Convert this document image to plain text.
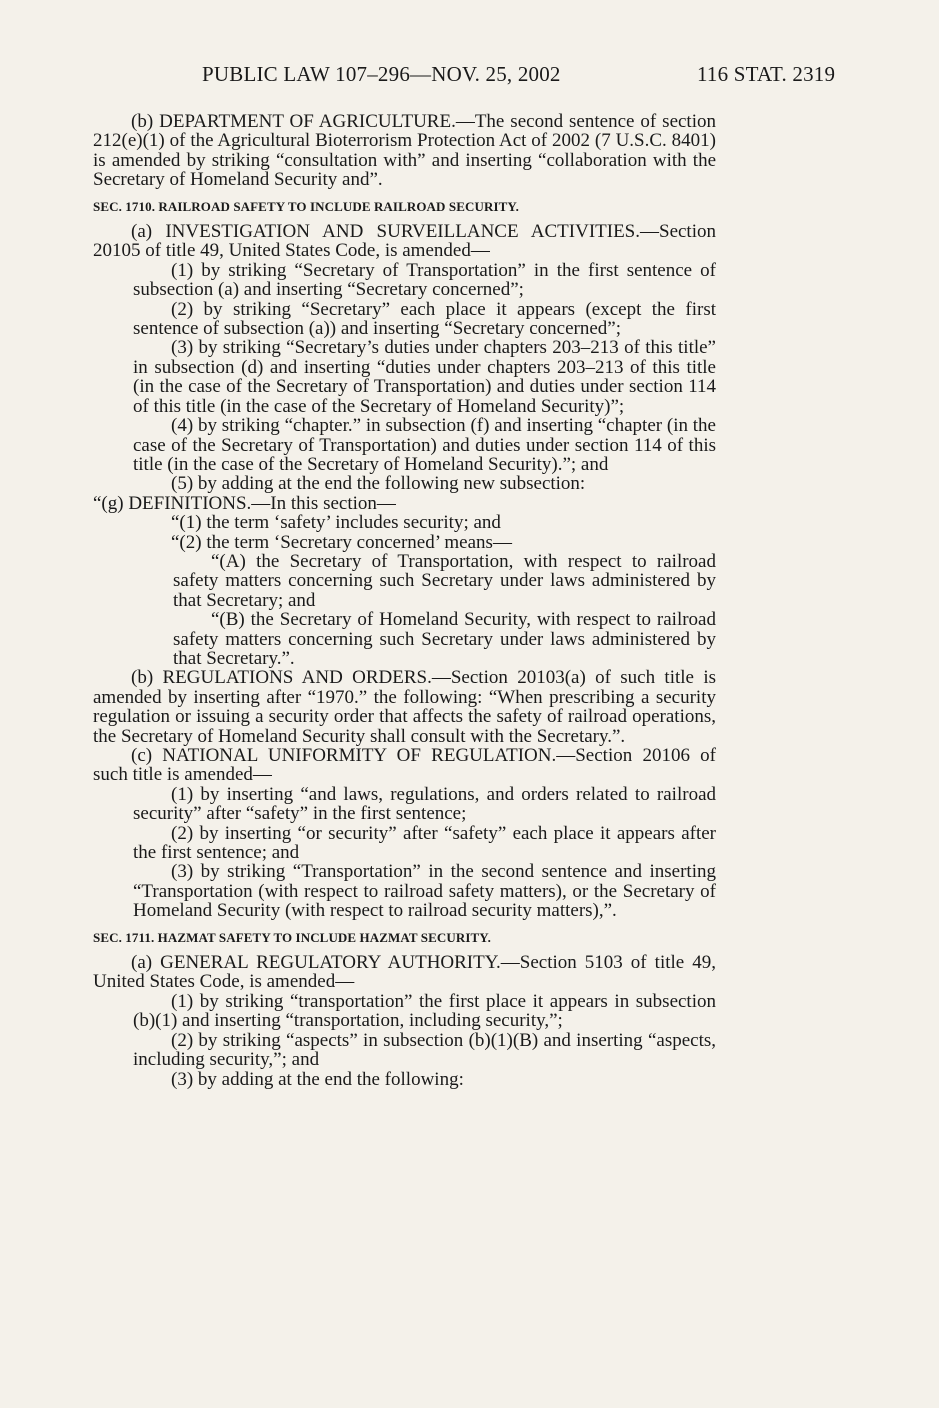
PUBLIC LAW 107–296—NOV. 25, 2002	116 STAT. 2319

(b) DEPARTMENT OF AGRICULTURE.—The second sentence of section 212(e)(1) of the Agricultural Bioterrorism Protection Act of 2002 (7 U.S.C. 8401) is amended by striking “consultation with” and inserting “collaboration with the Secretary of Homeland Security and”.

SEC. 1710. RAILROAD SAFETY TO INCLUDE RAILROAD SECURITY.

(a) INVESTIGATION AND SURVEILLANCE ACTIVITIES.—Section 20105 of title 49, United States Code, is amended—

(1) by striking “Secretary of Transportation” in the first sentence of subsection (a) and inserting “Secretary concerned”;

(2) by striking “Secretary” each place it appears (except the first sentence of subsection (a)) and inserting “Secretary concerned”;

(3) by striking “Secretary’s duties under chapters 203–213 of this title” in subsection (d) and inserting “duties under chapters 203–213 of this title (in the case of the Secretary of Transportation) and duties under section 114 of this title (in the case of the Secretary of Homeland Security)”;

(4) by striking “chapter.” in subsection (f) and inserting “chapter (in the case of the Secretary of Transportation) and duties under section 114 of this title (in the case of the Secretary of Homeland Security).”; and

(5) by adding at the end the following new subsection:

“(g) DEFINITIONS.—In this section—

“(1) the term ‘safety’ includes security; and

“(2) the term ‘Secretary concerned’ means—

“(A) the Secretary of Transportation, with respect to railroad safety matters concerning such Secretary under laws administered by that Secretary; and

“(B) the Secretary of Homeland Security, with respect to railroad safety matters concerning such Secretary under laws administered by that Secretary.”.

(b) REGULATIONS AND ORDERS.—Section 20103(a) of such title is amended by inserting after “1970.” the following: “When prescribing a security regulation or issuing a security order that affects the safety of railroad operations, the Secretary of Homeland Security shall consult with the Secretary.”.

(c) NATIONAL UNIFORMITY OF REGULATION.—Section 20106 of such title is amended—

(1) by inserting “and laws, regulations, and orders related to railroad security” after “safety” in the first sentence;

(2) by inserting “or security” after “safety” each place it appears after the first sentence; and

(3) by striking “Transportation” in the second sentence and inserting “Transportation (with respect to railroad safety matters), or the Secretary of Homeland Security (with respect to railroad security matters),”.

SEC. 1711. HAZMAT SAFETY TO INCLUDE HAZMAT SECURITY.

(a) GENERAL REGULATORY AUTHORITY.—Section 5103 of title 49, United States Code, is amended—

(1) by striking “transportation” the first place it appears in subsection (b)(1) and inserting “transportation, including security,”;

(2) by striking “aspects” in subsection (b)(1)(B) and inserting “aspects, including security,”; and

(3) by adding at the end the following:
